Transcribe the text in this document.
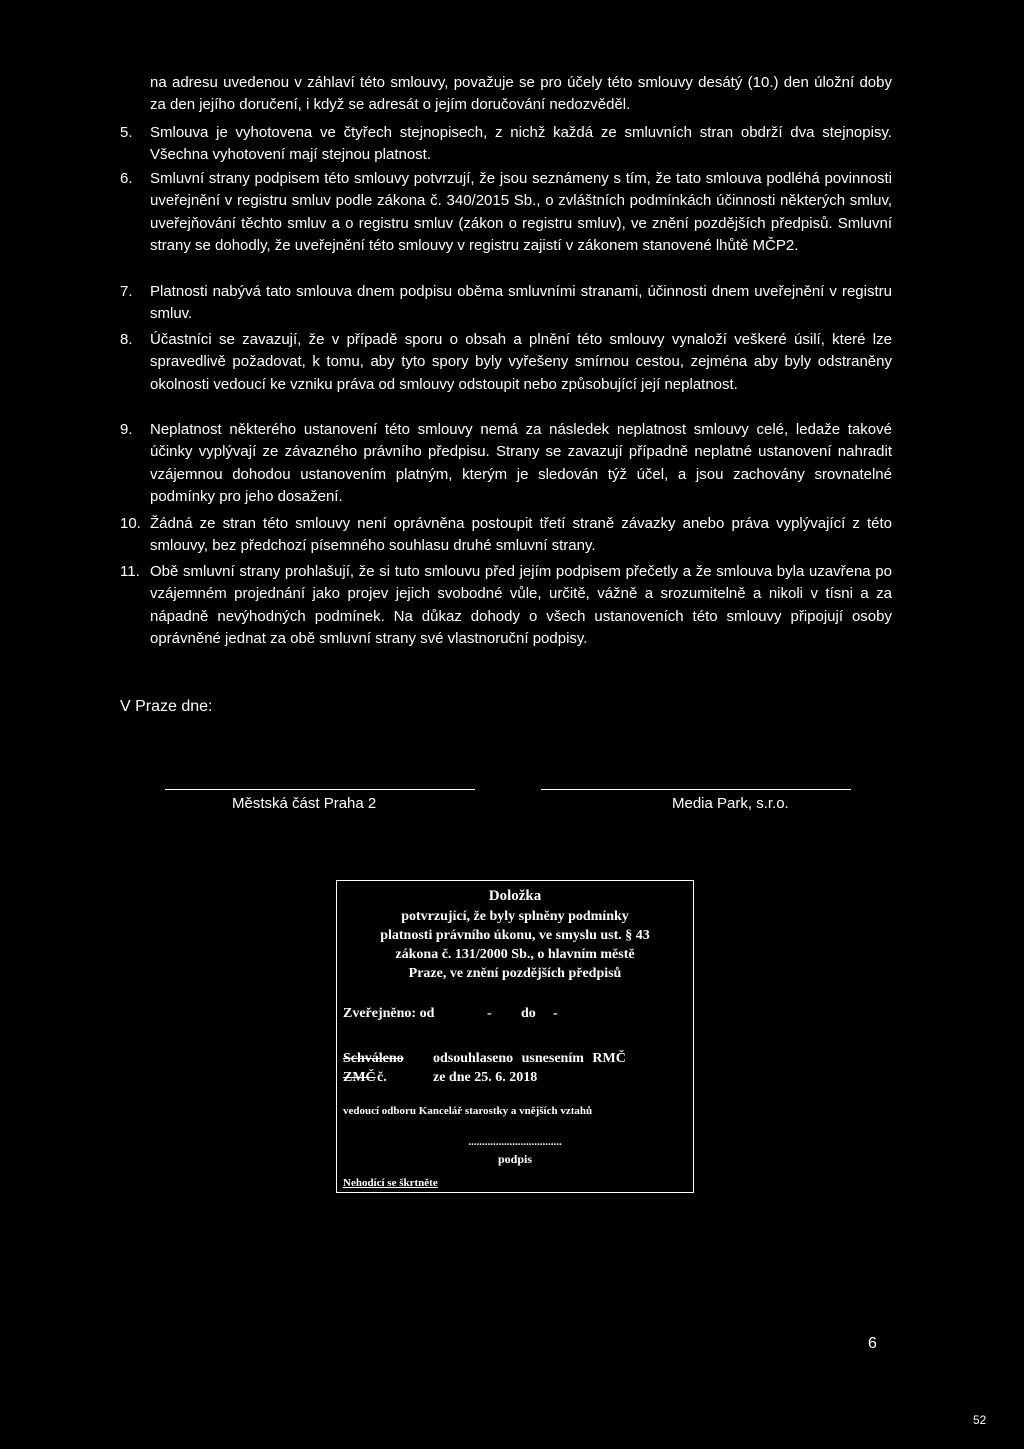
na adresu uvedenou v záhlaví této smlouvy, považuje se pro účely této smlouvy desátý (10.) den úložní doby za den jejího doručení, i když se adresát o jejím doručování nedozvěděl.

5. Smlouva je vyhotovena ve čtyřech stejnopisech, z nichž každá ze smluvních stran obdrží dva stejnopisy. Všechna vyhotovení mají stejnou platnost.

6. Smluvní strany podpisem této smlouvy potvrzují, že jsou seznámeny s tím, že tato smlouva podléhá povinnosti uveřejnění v registru smluv podle zákona č. 340/2015 Sb., o zvláštních podmínkách účinnosti některých smluv, uveřejňování těchto smluv a o registru smluv (zákon o registru smluv), ve znění pozdějších předpisů. Smluvní strany se dohodly, že uveřejnění této smlouvy v registru zajistí v zákonem stanovené lhůtě MČP2.

7. Platnosti nabývá tato smlouva dnem podpisu oběma smluvními stranami, účinnosti dnem uveřejnění v registru smluv.

8. Účastníci se zavazují, že v případě sporu o obsah a plnění této smlouvy vynaloží veškeré úsilí, které lze spravedlivě požadovat, k tomu, aby tyto spory byly vyřešeny smírnou cestou, zejména aby byly odstraněny okolnosti vedoucí ke vzniku práva od smlouvy odstoupit nebo způsobující její neplatnost.

9. Neplatnost některého ustanovení této smlouvy nemá za následek neplatnost smlouvy celé, ledaže takové účinky vyplývají ze závazného právního předpisu. Strany se zavazují případně neplatné ustanovení nahradit vzájemnou dohodou ustanovením platným, kterým je sledován týž účel, a jsou zachovány srovnatelné podmínky pro jeho dosažení.

10. Žádná ze stran této smlouvy není oprávněna postoupit třetí straně závazky anebo práva vyplývající z této smlouvy, bez předchozí písemného souhlasu druhé smluvní strany.

11. Obě smluvní strany prohlašují, že si tuto smlouvu před jejím podpisem přečetly a že smlouva byla uzavřena po vzájemném projednání jako projev jejich svobodné vůle, určitě, vážně a srozumitelně a nikoli v tísni a za nápadně nevýhodných podmínek. Na důkaz dohody o všech ustanoveních této smlouvy připojují osoby oprávněné jednat za obě smluvní strany své vlastnoruční podpisy.

V Praze dne:
Městská část Praha 2	Media Park, s.r.o.
Doložka
potvrzující, že byly splněny podmínky
platnosti právního úkonu, ve smyslu ust. § 43
zákona č. 131/2000 Sb., o hlavním městě
Praze, ve znění pozdějších předpisů
Zveřejněno: od	- do -
Schváleno odsouhlaseno usnesením RMČ
ZMČ č.	ze dne 25. 6. 2018
vedoucí odboru Kancelář starostky a vnějších vztahů
..................................
podpis
Nehodící se škrtněte
6
52
